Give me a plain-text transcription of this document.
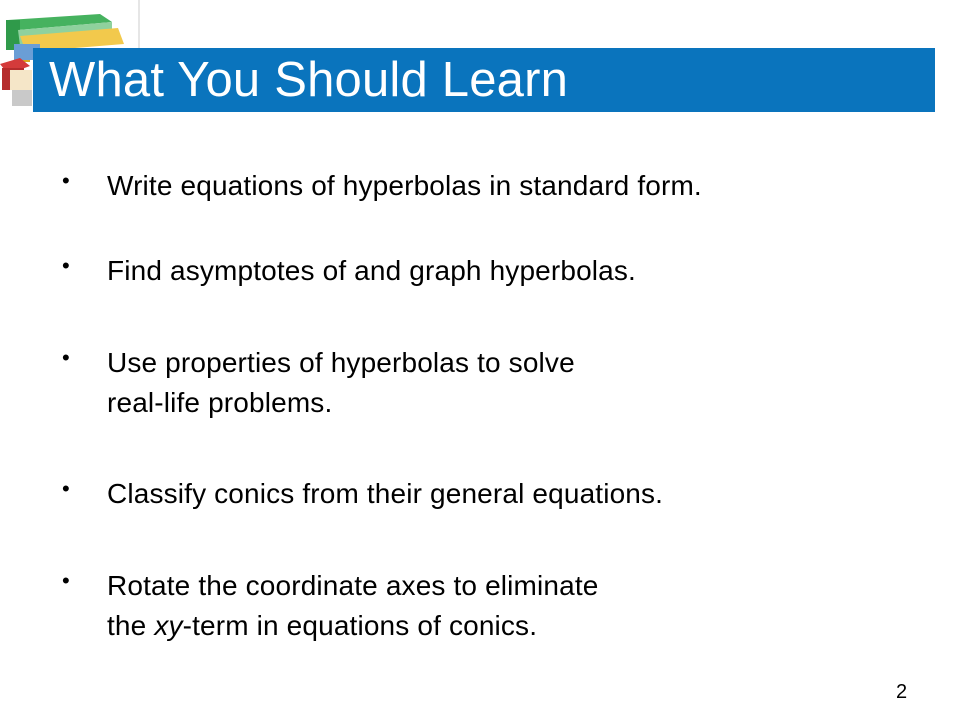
What You Should Learn
•	Write equations of hyperbolas in standard form.
•	Find asymptotes of and graph hyperbolas.
•	Use properties of hyperbolas to solve
real-life problems.
•	Classify conics from their general equations.
•	Rotate the coordinate axes to eliminate
the xy-term in equations of conics.
2
